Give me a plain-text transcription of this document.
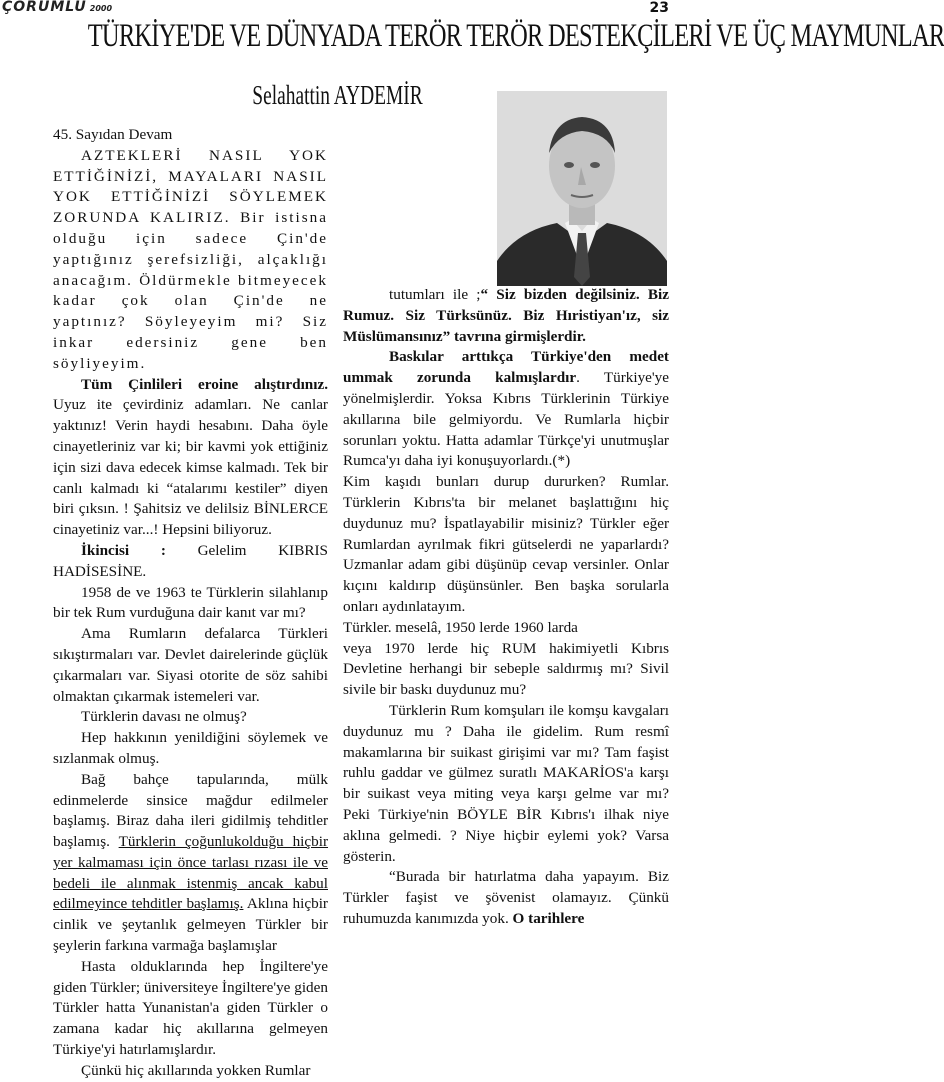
ÇORUMLU 2000	23
TÜRKİYE'DE VE DÜNYADA TERÖR TERÖR DESTEKÇİLERİ VE ÜÇ MAYMUNLAR
Selahattin AYDEMİR

45. Sayıdan Devam

AZTEKLERİ NASIL YOK ETTİĞİNİZİ, MAYALARI NASIL YOK ETTİĞİNİZİ SÖYLEMEK ZORUNDA KALIRIZ. Bir istisna olduğu için sadece Çin'de yaptığınız şerefsizliği, alçaklığı anacağım. Öldürmekle bitmeyecek kadar çok olan Çin'de ne yaptınız? Söyleyeyim mi? Siz inkar edersiniz gene ben söyliyeyim.

Tüm Çinlileri eroine alıştırdınız. Uyuz ite çevirdiniz adamları. Ne canlar yaktınız! Verin haydi hesabını. Daha öyle cinayetleriniz var ki; bir kavmi yok ettiğiniz için sizi dava edecek kimse kalmadı. Tek bir canlı kalmadı ki “atalarımı kestiler” diyen biri çıksın. ! Şahitsiz ve delilsiz BİNLERCE cinayetiniz var...! Hepsini biliyoruz.

İkincisi : Gelelim KIBRIS HADİSESİNE.

1958 de ve 1963 te Türklerin silahlanıp bir tek Rum vurduğuna dair kanıt var mı?

Ama Rumların defalarca Türkleri sıkıştırmaları var. Devlet dairelerinde güçlük çıkarmaları var. Siyasi otorite de söz sahibi olmaktan çıkarmak istemeleri var.

Türklerin davası ne olmuş?

Hep hakkının yenildiğini söylemek ve sızlanmak olmuş.

Bağ bahçe tapularında, mülk edinmelerde sinsice mağdur edilmeler başlamış. Biraz daha ileri gidilmiş tehditler başlamış. Türklerin çoğunlukolduğu hiçbir yer kalmaması için önce tarlası rızası ile ve bedeli ile alınmak istenmiş ancak kabul edilmeyince tehditler başlamış. Aklına hiçbir cinlik ve şeytanlık gelmeyen Türkler bir şeylerin farkına varmağa başlamışlar

Hasta olduklarında hep İngiltere'ye giden Türkler; üniversiteye İngiltere'ye giden Türkler hatta Yunanistan'a giden Türkler o zamana kadar hiç akıllarına gelmeyen Türkiye'yi hatırlamışlardır.

Çünkü hiç akıllarında yokken Rumlar

tutumları ile ;“ Siz bizden değilsiniz. Biz Rumuz. Siz Türksünüz. Biz Hıristiyan'ız, siz Müslümansınız” tavrına girmişlerdir.

Baskılar arttıkça Türkiye'den medet ummak zorunda kalmışlardır. Türkiye'ye yönelmişlerdir. Yoksa Kıbrıs Türklerinin Türkiye akıllarına bile gelmiyordu. Ve Rumlarla hiçbir sorunları yoktu. Hatta adamlar Türkçe'yi unutmuşlar Rumca'yı daha iyi konuşuyorlardı.(*)

Kim kaşıdı bunları durup dururken? Rumlar. Türklerin Kıbrıs'ta bir melanet başlattığını hiç duydunuz mu? İspatlayabilir misiniz? Türkler eğer Rumlardan ayrılmak fikri gütselerdi ne yaparlardı? Uzmanlar adam gibi düşünüp cevap versinler. Onlar kıçını kaldırıp düşünsünler. Ben başka sorularla onları aydınlatayım.

Türkler. meselâ, 1950 lerde 1960 larda

veya 1970 lerde hiç RUM hakimiyetli Kıbrıs Devletine herhangi bir sebeple saldırmış mı? Sivil sivile bir baskı duydunuz mu?

Türklerin Rum komşuları ile komşu kavgaları duydunuz mu ? Daha ile gidelim. Rum resmî makamlarına bir suikast girişimi var mı? Tam faşist ruhlu gaddar ve gülmez suratlı MAKARİOS'a karşı bir suikast veya miting veya karşı gelme var mı? Peki Türkiye'nin BÖYLE BİR Kıbrıs'ı ilhak niye aklına gelmedi. ? Niye hiçbir eylemi yok? Varsa gösterin.

“Burada bir hatırlatma daha yapayım. Biz Türkler faşist ve şövenist olamayız. Çünkü ruhumuzda kanımızda yok. O tarihlere
